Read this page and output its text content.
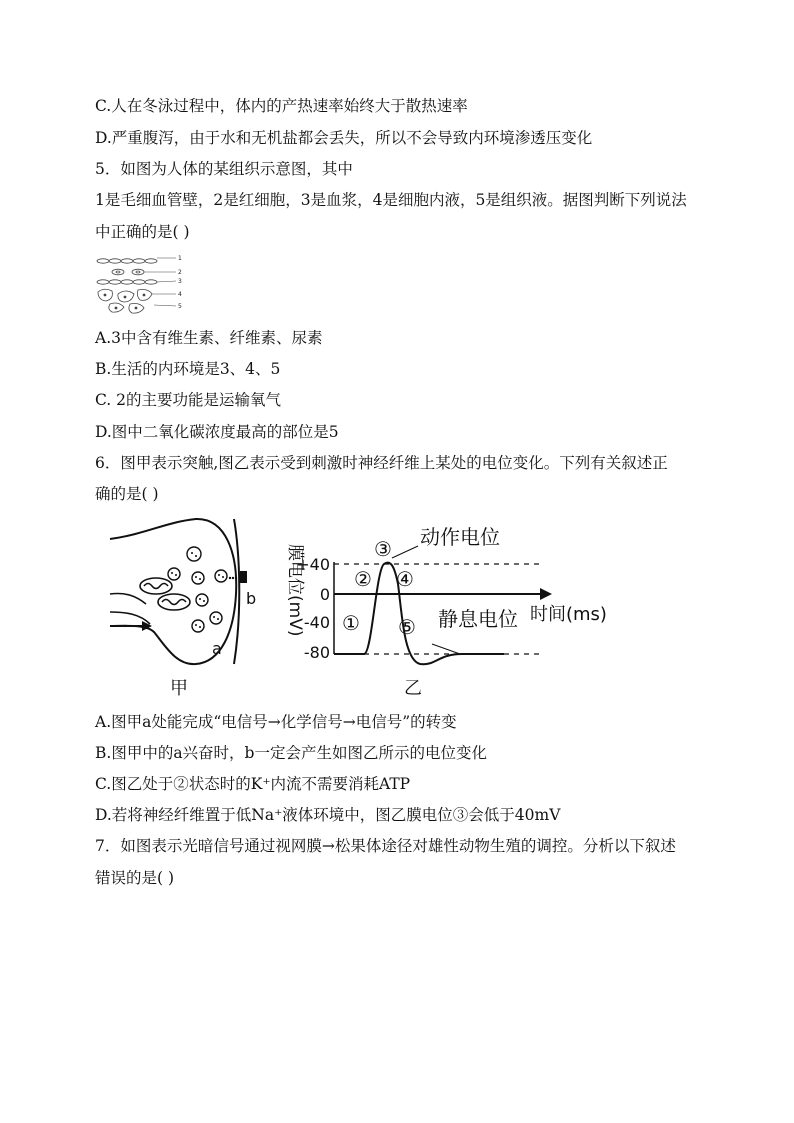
C.人在冬泳过程中，体内的产热速率始终大于散热速率
D.严重腹泻，由于水和无机盐都会丢失，所以不会导致内环境渗透压变化
5．如图为人体的某组织示意图，其中
1是毛细血管壁，2是红细胞，3是血浆，4是细胞内液，5是组织液。据图判断下列说法
中正确的是( )
1
2
3
4
5
A.3中含有维生素、纤维素、尿素
B.生活的内环境是3、4、5
C. 2的主要功能是运输氧气
D.图中二氧化碳浓度最高的部位是5
6．图甲表示突触,图乙表示受到刺激时神经纤维上某处的电位变化。下列有关叙述正
确的是( )
a
b
甲
膜电位(mV)
+40
0
-40
-80
①
②
③
④
⑤
动作电位
静息电位 时间(ms)
乙
A.图甲a处能完成“电信号→化学信号→电信号”的转变
B.图甲中的a兴奋时，b一定会产生如图乙所示的电位变化
C.图乙处于②状态时的K⁺内流不需要消耗ATP
D.若将神经纤维置于低Na⁺液体环境中，图乙膜电位③会低于40mV
7．如图表示光暗信号通过视网膜→松果体途径对雄性动物生殖的调控。分析以下叙述
错误的是( )
